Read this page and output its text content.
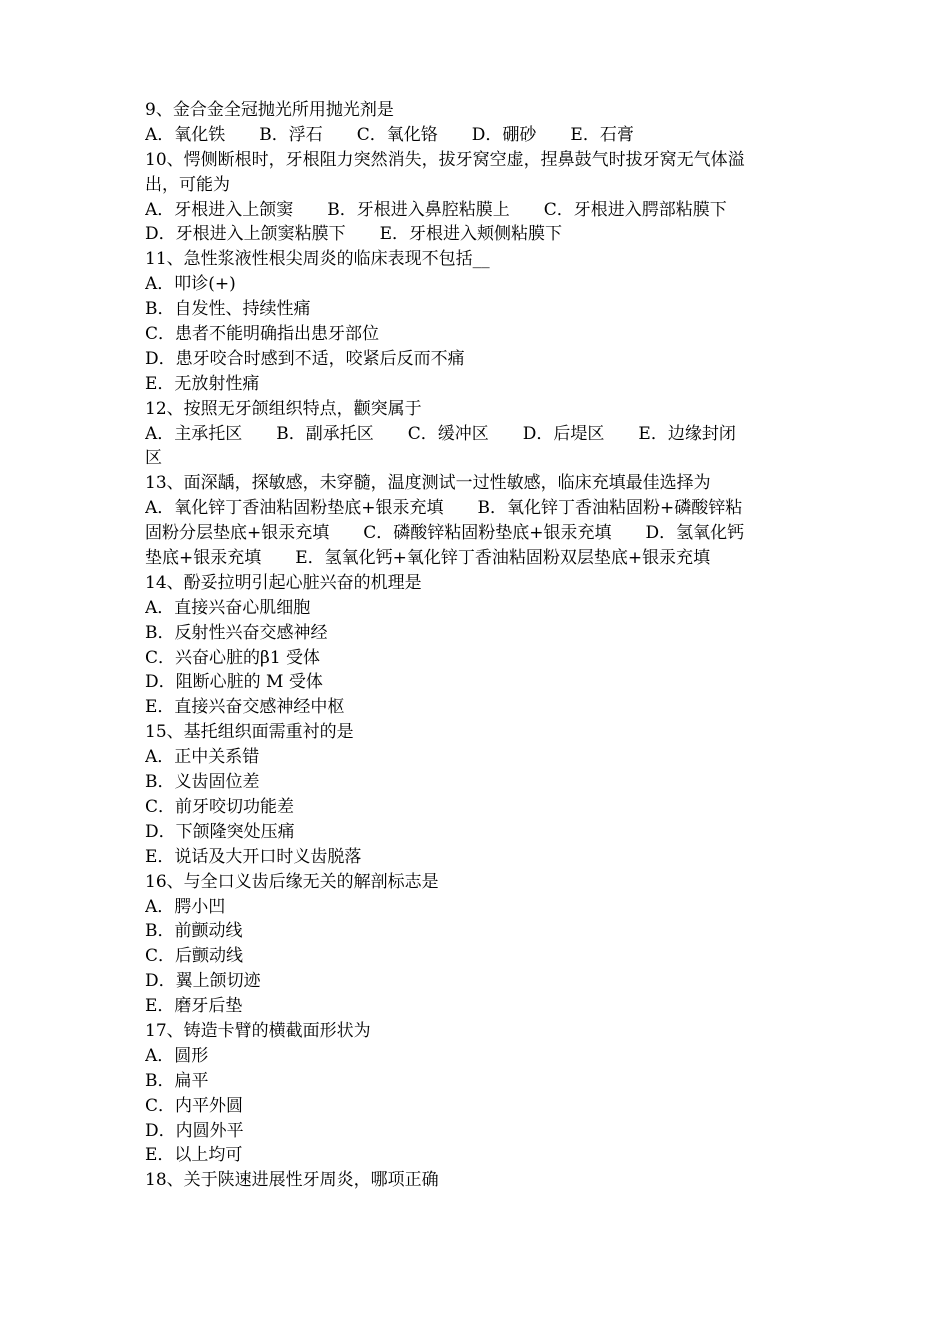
9、金合金全冠抛光所用抛光剂是
A．氧化铁　　B．浮石　　C．氧化铬　　D．硼砂　　E．石膏
10、愕侧断根时，牙根阻力突然消失，拔牙窝空虚，捏鼻鼓气时拔牙窝无气体溢
出，可能为
A．牙根进入上颌窦　　B．牙根进入鼻腔粘膜上　　C．牙根进入腭部粘膜下
D．牙根进入上颌窦粘膜下　　E．牙根进入颊侧粘膜下
11、急性浆液性根尖周炎的临床表现不包括__
A．叩诊(+)
B．自发性、持续性痛
C．患者不能明确指出患牙部位
D．患牙咬合时感到不适，咬紧后反而不痛
E．无放射性痛
12、按照无牙颌组织特点，颧突属于
A．主承托区　　B．副承托区　　C．缓冲区　　D．后堤区　　E．边缘封闭
区
13、面深龋，探敏感，未穿髓，温度测试一过性敏感，临床充填最佳选择为
A．氧化锌丁香油粘固粉垫底+银汞充填　　B．氧化锌丁香油粘固粉+磷酸锌粘
固粉分层垫底+银汞充填　　C．磷酸锌粘固粉垫底+银汞充填　　D．氢氧化钙
垫底+银汞充填　　E．氢氧化钙+氧化锌丁香油粘固粉双层垫底+银汞充填
14、酚妥拉明引起心脏兴奋的机理是
A．直接兴奋心肌细胞
B．反射性兴奋交感神经
C．兴奋心脏的β1 受体
D．阻断心脏的 M 受体
E．直接兴奋交感神经中枢
15、基托组织面需重衬的是
A．正中关系错
B．义齿固位差
C．前牙咬切功能差
D．下颌隆突处压痛
E．说话及大开口时义齿脱落
16、与全口义齿后缘无关的解剖标志是
A．腭小凹
B．前颤动线
C．后颤动线
D．翼上颌切迹
E．磨牙后垫
17、铸造卡臂的横截面形状为
A．圆形
B．扁平
C．内平外圆
D．内圆外平
E．以上均可
18、关于陕速进展性牙周炎，哪项正确
